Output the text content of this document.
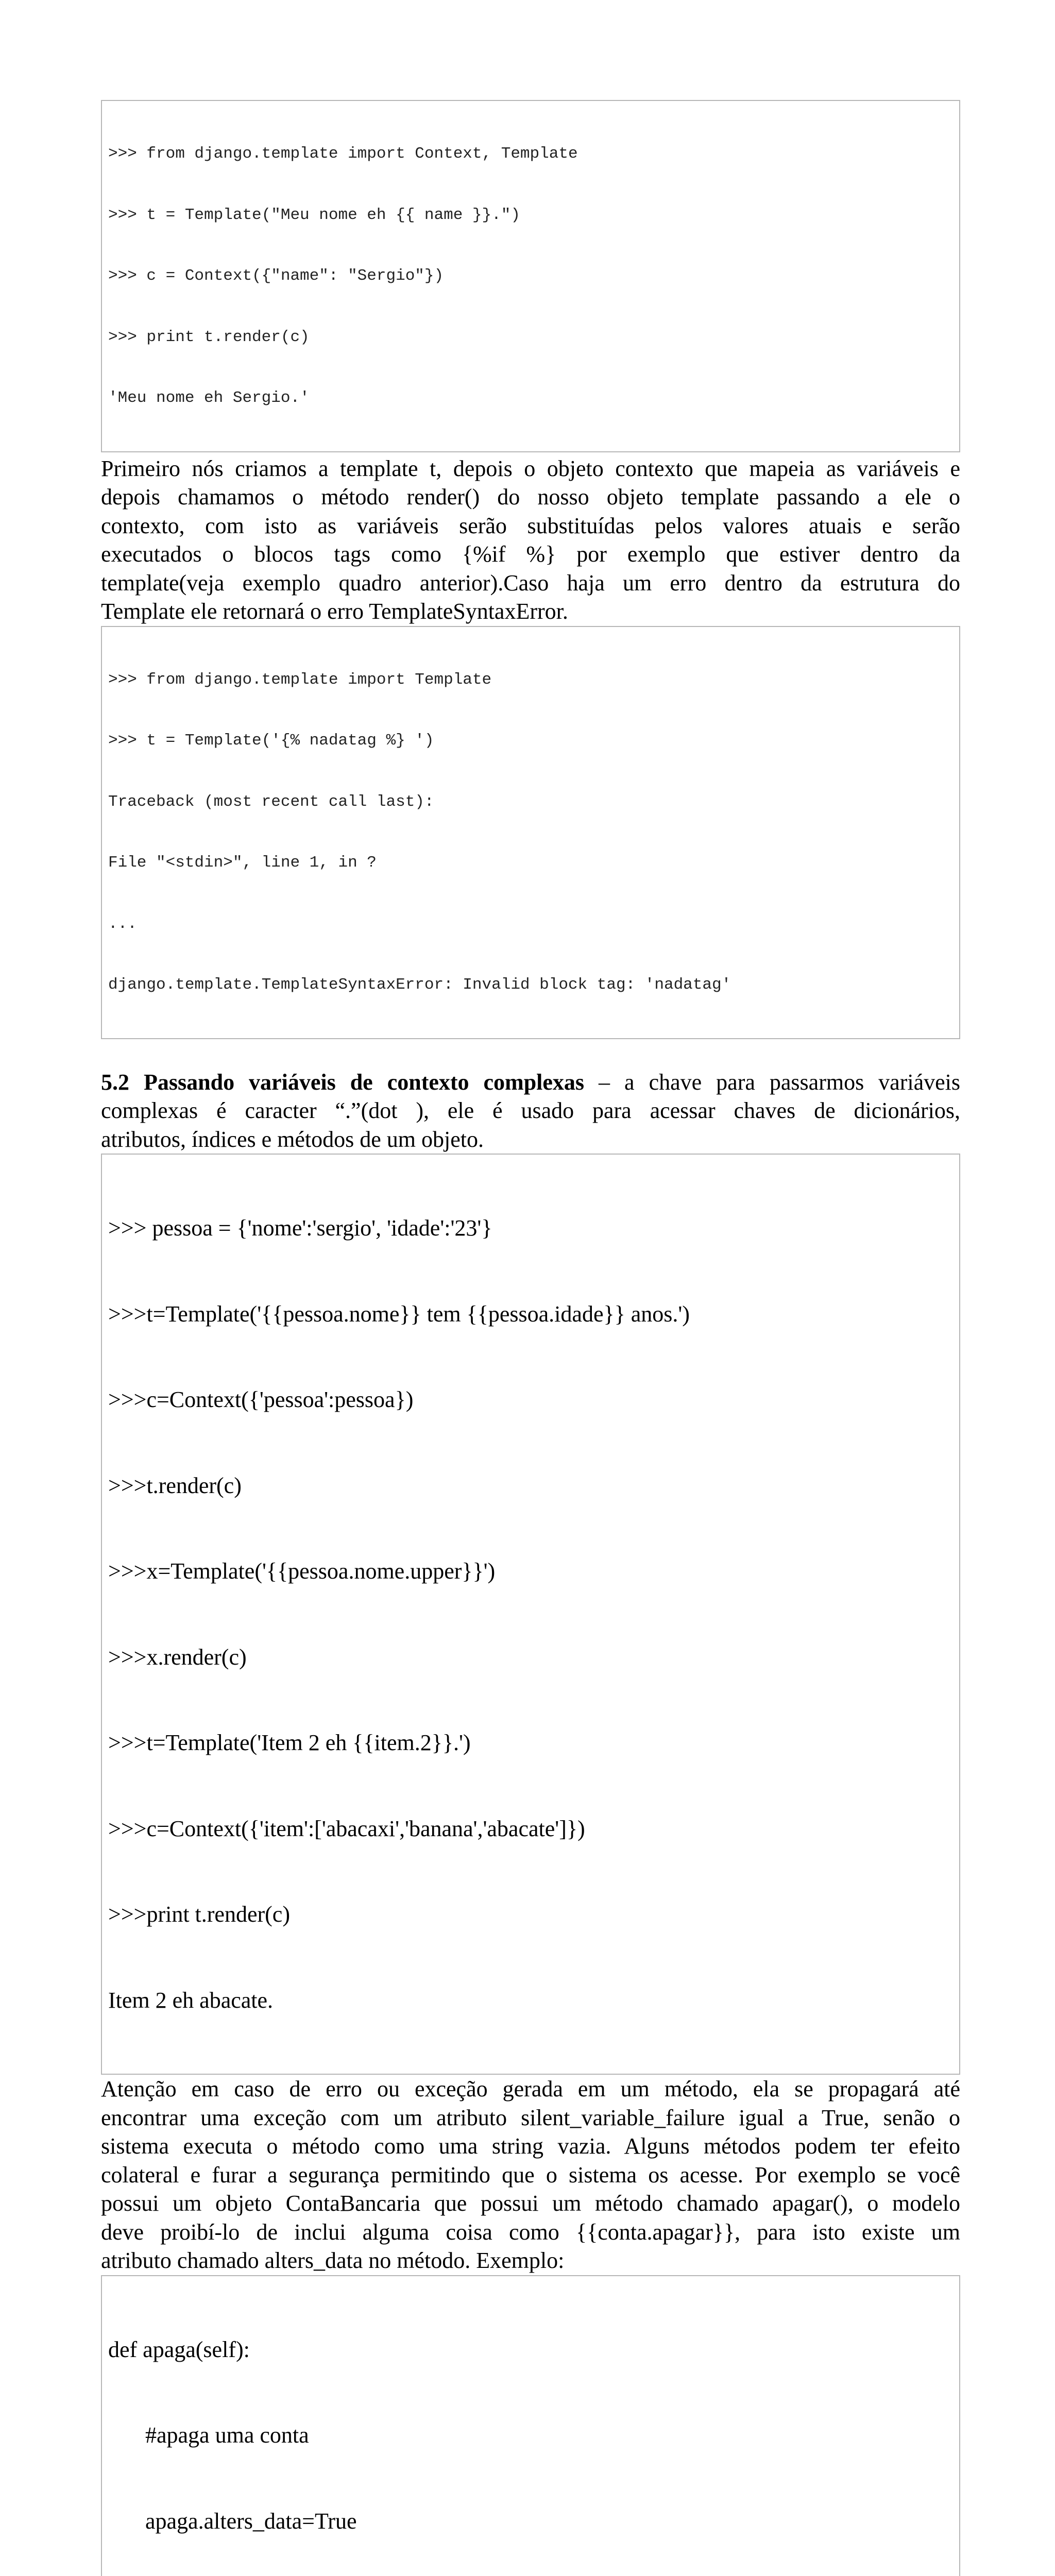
>>> from django.template import Context, Template

>>> t = Template("Meu nome eh {{ name }}.")

>>> c = Context({"name": "Sergio"})

>>> print t.render(c)

'Meu nome eh Sergio.'

Primeiro nós criamos a template t, depois o objeto contexto que mapeia as variáveis e
depois chamamos o método render() do nosso objeto template passando a ele o
contexto, com isto as variáveis serão substituídas pelos valores atuais e serão
executados o blocos tags como {%if %} por exemplo que estiver dentro da
template(veja exemplo quadro anterior).Caso haja um erro dentro da estrutura do
Template ele retornará o erro TemplateSyntaxError.

>>> from django.template import Template

>>> t = Template('{% nadatag %} ')

Traceback (most recent call last):

File "<stdin>", line 1, in ?

...

django.template.TemplateSyntaxError: Invalid block tag: 'nadatag'

5.2 Passando variáveis de contexto complexas – a chave para passarmos variáveis
complexas é caracter “.”(dot ), ele é usado para acessar chaves de dicionários,
atributos, índices e métodos de um objeto.

>>> pessoa = {'nome':'sergio', 'idade':'23'}

>>>t=Template('{{pessoa.nome}} tem {{pessoa.idade}} anos.')

>>>c=Context({'pessoa':pessoa})

>>>t.render(c)

>>>x=Template('{{pessoa.nome.upper}}')

>>>x.render(c)

>>>t=Template('Item 2 eh {{item.2}}.')

>>>c=Context({'item':['abacaxi','banana','abacate']})

>>>print t.render(c)

Item 2 eh abacate.

Atenção em caso de erro ou exceção gerada em um método, ela se propagará até
encontrar uma exceção com um atributo silent_variable_failure igual a True, senão o
sistema executa o método como uma string vazia. Alguns métodos podem ter efeito
colateral e furar a segurança permitindo que o sistema os acesse. Por exemplo se você
possui um objeto ContaBancaria que possui um método chamado apagar(), o modelo
deve proibí-lo de inclui alguma coisa como {{conta.apagar}}, para isto existe um
atributo chamado alters_data no método. Exemplo:

def apaga(self):

#apaga uma conta

apaga.alters_data=True
